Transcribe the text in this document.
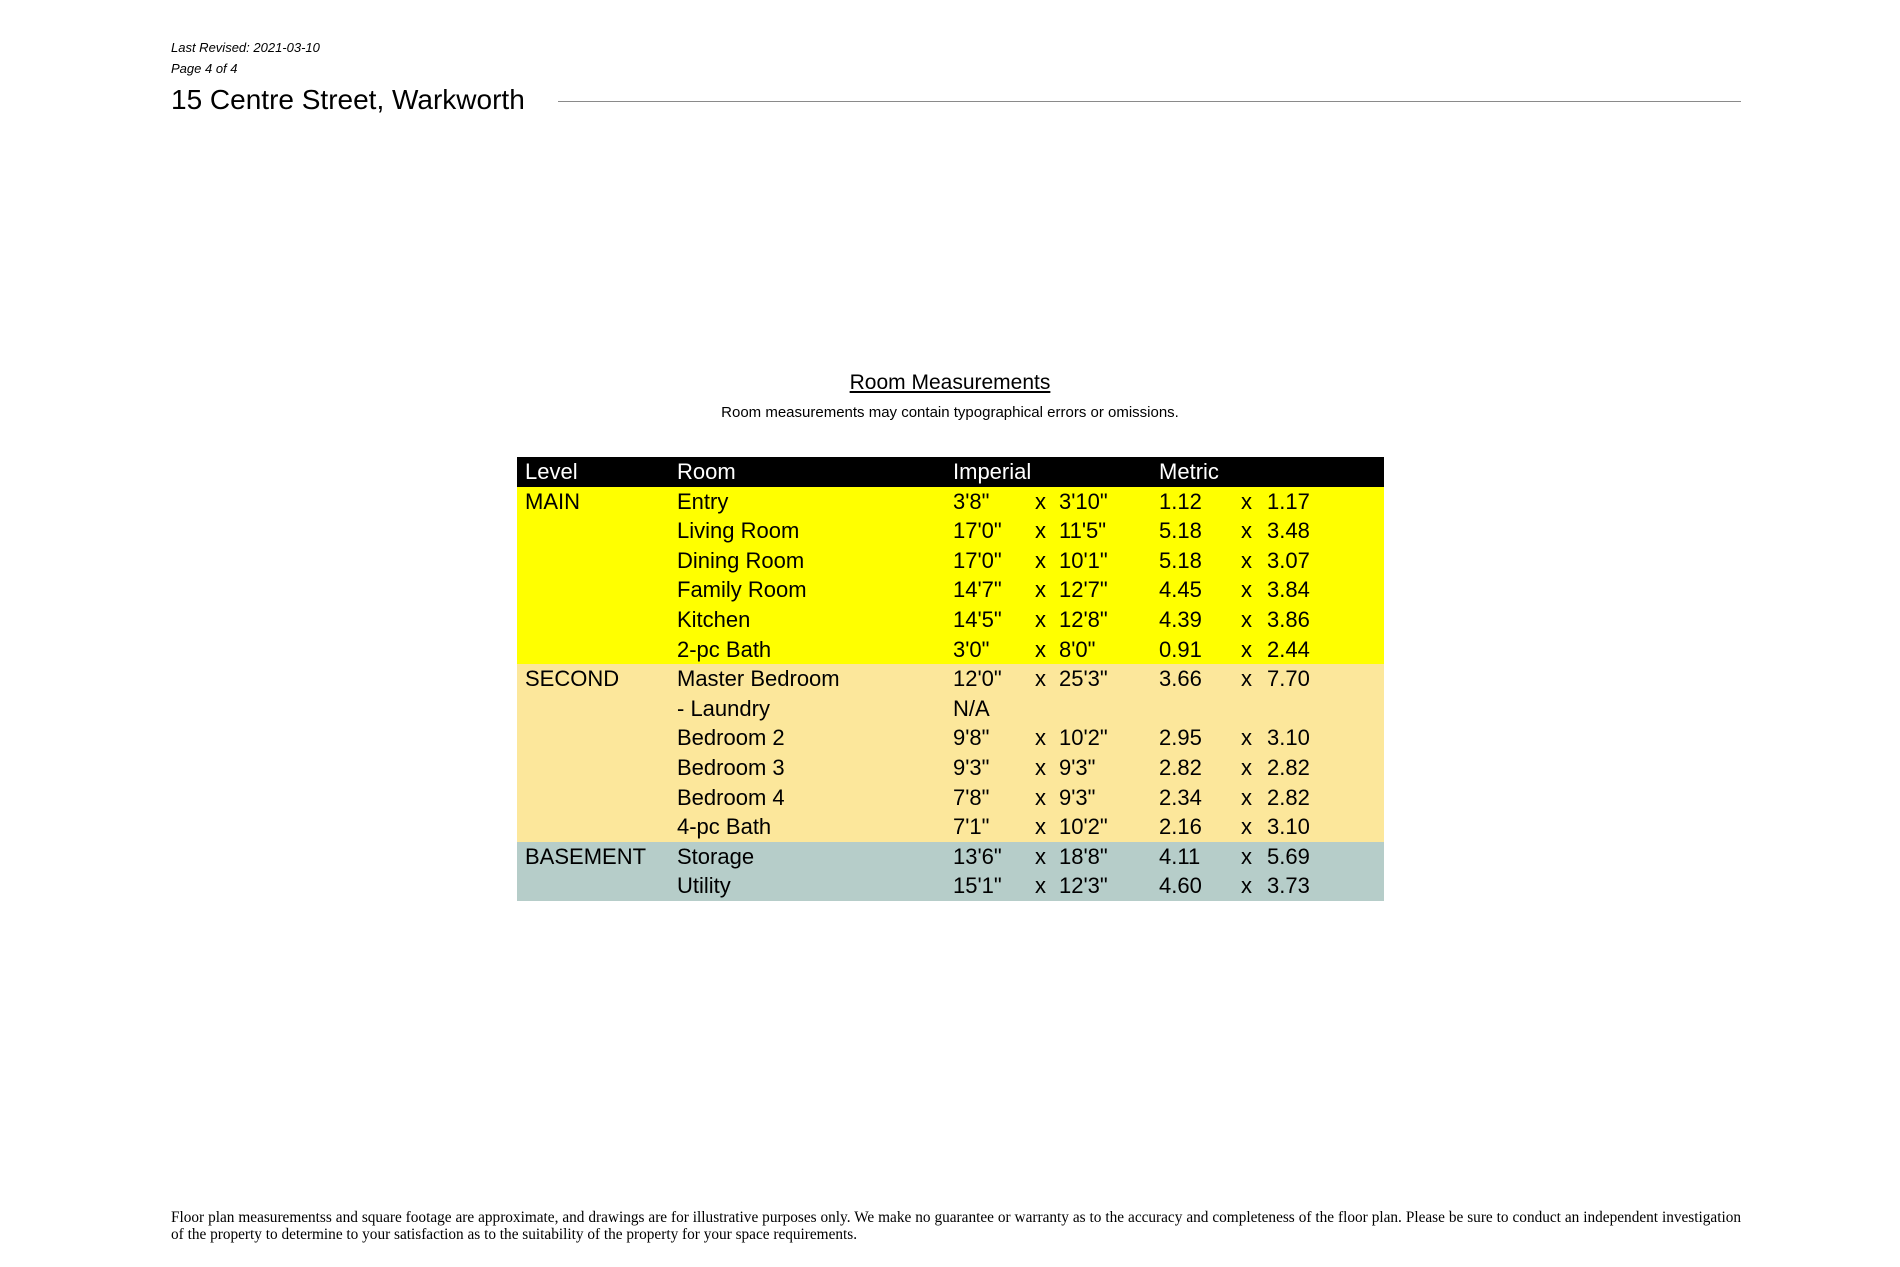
Last Revised: 2021-03-10
Page 4 of 4
15 Centre Street, Warkworth
Room Measurements
Room measurements may contain typographical errors or omissions.
Level	Room	Imperial			Metric		
MAIN	Entry	3'8"	x	3'10"	1.12	x	1.17
	Living Room	17'0"	x	11'5"	5.18	x	3.48
	Dining Room	17'0"	x	10'1"	5.18	x	3.07
	Family Room	14'7"	x	12'7"	4.45	x	3.84
	Kitchen	14'5"	x	12'8"	4.39	x	3.86
	2-pc Bath	3'0"	x	8'0"	0.91	x	2.44
SECOND	Master Bedroom	12'0"	x	25'3"	3.66	x	7.70
	- Laundry	N/A					
	Bedroom 2	9'8"	x	10'2"	2.95	x	3.10
	Bedroom 3	9'3"	x	9'3"	2.82	x	2.82
	Bedroom 4	7'8"	x	9'3"	2.34	x	2.82
	4-pc Bath	7'1"	x	10'2"	2.16	x	3.10
BASEMENT	Storage	13'6"	x	18'8"	4.11	x	5.69
	Utility	15'1"	x	12'3"	4.60	x	3.73
Floor plan measurementss and square footage are approximate, and drawings are for illustrative purposes only. We make no guarantee or warranty as to the accuracy and completeness of the floor plan. Please be sure to conduct an independent investigation of the property to determine to your satisfaction as to the suitability of the property for your space requirements.
